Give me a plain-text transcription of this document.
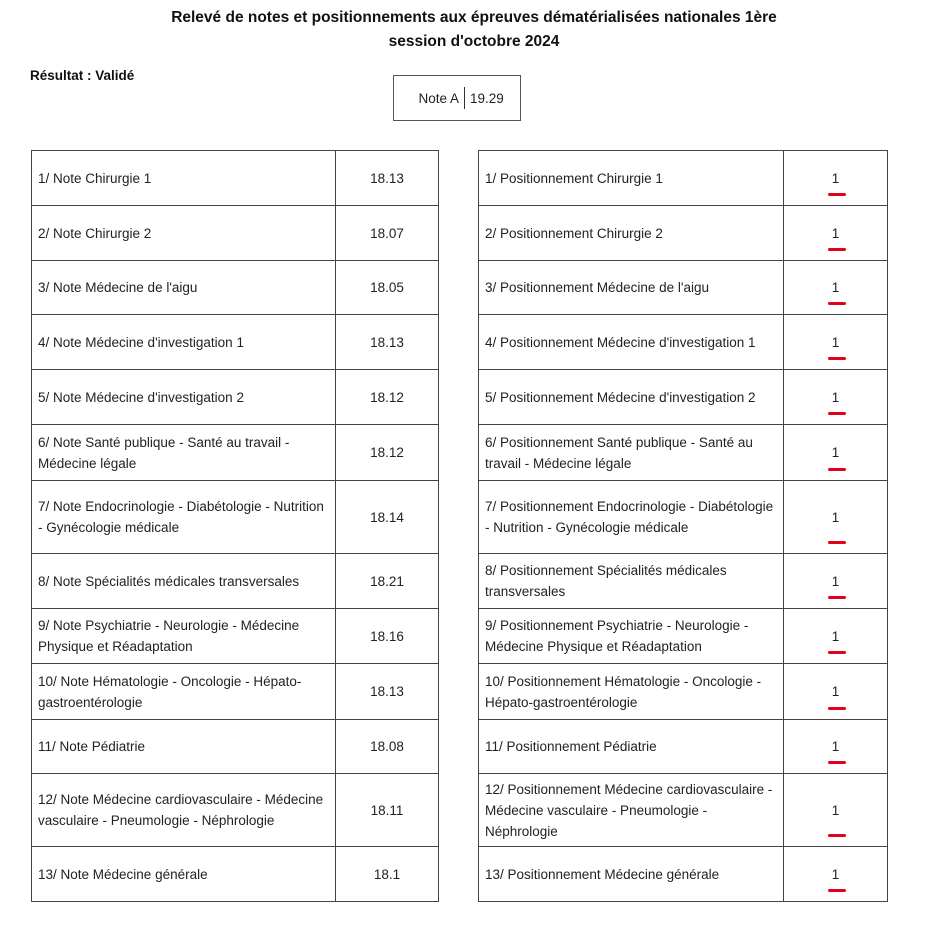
Relevé de notes et positionnements aux épreuves dématérialisées nationales 1ère
session d'octobre 2024
Résultat : Validé
Note A 19.29
1/ Note Chirurgie 1	18.13
2/ Note Chirurgie 2	18.07
3/ Note Médecine de l'aigu	18.05
4/ Note Médecine d'investigation 1	18.13
5/ Note Médecine d'investigation 2	18.12
6/ Note Santé publique - Santé au travail - Médecine légale	18.12
7/ Note Endocrinologie - Diabétologie - Nutrition - Gynécologie médicale	18.14
8/ Note Spécialités médicales transversales	18.21
9/ Note Psychiatrie - Neurologie - Médecine Physique et Réadaptation	18.16
10/ Note Hématologie - Oncologie - Hépato-gastroentérologie	18.13
11/ Note Pédiatrie	18.08
12/ Note Médecine cardiovasculaire - Médecine vasculaire - Pneumologie - Néphrologie	18.11
13/ Note Médecine générale	18.1
1/ Positionnement Chirurgie 1	1

2/ Positionnement Chirurgie 2	1

3/ Positionnement Médecine de l'aigu	1

4/ Positionnement Médecine d'investigation 1	1

5/ Positionnement Médecine d'investigation 2	1

6/ Positionnement Santé publique - Santé au travail - Médecine légale	1

7/ Positionnement Endocrinologie - Diabétologie - Nutrition - Gynécologie médicale	1

8/ Positionnement Spécialités médicales transversales	1

9/ Positionnement Psychiatrie - Neurologie - Médecine Physique et Réadaptation	1

10/ Positionnement Hématologie - Oncologie - Hépato-gastroentérologie	1

11/ Positionnement Pédiatrie	1

12/ Positionnement Médecine cardiovasculaire - Médecine vasculaire - Pneumologie - Néphrologie	1

13/ Positionnement Médecine générale	1
